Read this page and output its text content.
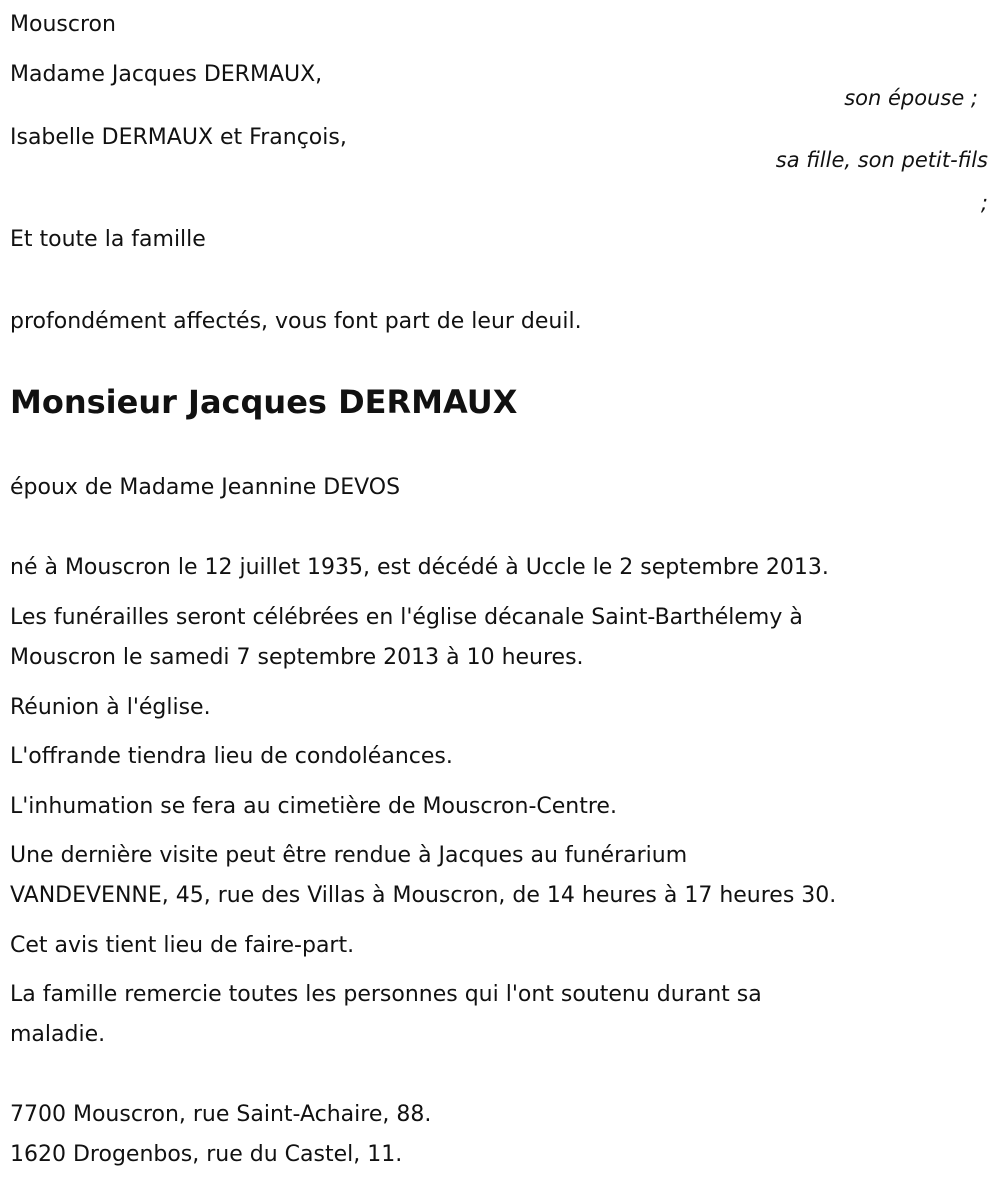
Mouscron
Madame Jacques DERMAUX,
son épouse ;
Isabelle DERMAUX et François,
sa fille, son petit-fils
;
Et toute la famille
profondément affectés, vous font part de leur deuil.
Monsieur Jacques DERMAUX
époux de Madame Jeannine DEVOS
né à Mouscron le 12 juillet 1935, est décédé à Uccle le 2 septembre 2013.
Les funérailles seront célébrées en l'église décanale Saint-Barthélemy à
Mouscron le samedi 7 septembre 2013 à 10 heures.
Réunion à l'église.
L'offrande tiendra lieu de condoléances.
L'inhumation se fera au cimetière de Mouscron-Centre.
Une dernière visite peut être rendue à Jacques au funérarium
VANDEVENNE, 45, rue des Villas à Mouscron, de 14 heures à 17 heures 30.
Cet avis tient lieu de faire-part.
La famille remercie toutes les personnes qui l'ont soutenu durant sa
maladie.
7700 Mouscron, rue Saint-Achaire, 88.
1620 Drogenbos, rue du Castel, 11.
